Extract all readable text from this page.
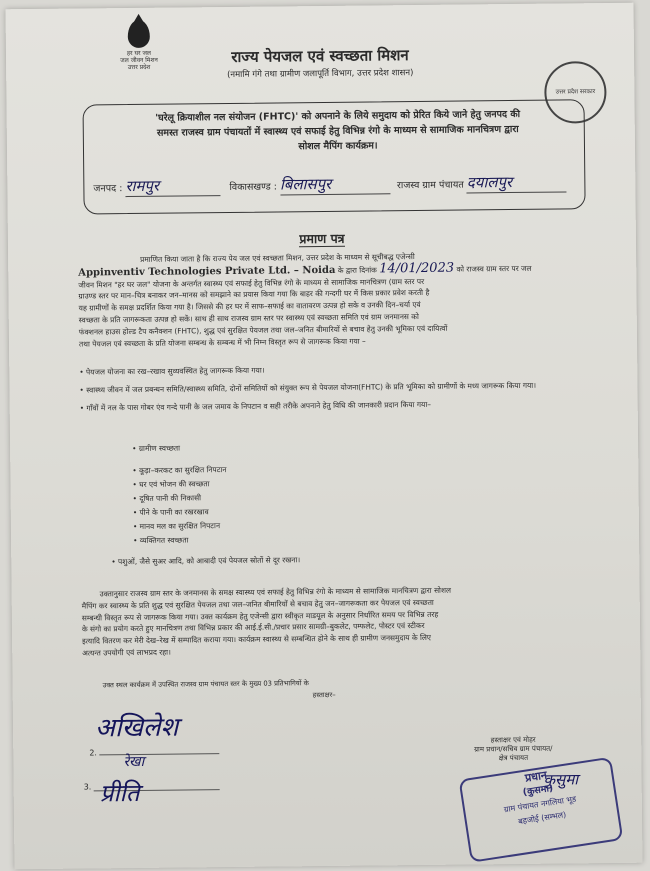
हर घर जल
जल जीवन मिशन
उत्तर प्रदेश
राज्य पेयजल एवं स्वच्छता मिशन
(नमामि गंगे तथा ग्रामीण जलापूर्ति विभाग, उत्तर प्रदेश शासन)
उत्तर प्रदेश सरकार
'घरेलू क्रियाशील नल संयोजन (FHTC)' को अपनाने के लिये समुदाय को प्रेरित किये जाने हेतु जनपद की
समस्त राजस्व ग्राम पंचायतों में स्वास्थ्य एवं सफाई हेतु विभिन्न रंगो के माध्यम से सामाजिक मानचित्रण द्वारा
सोशल मैपिंग कार्यक्रम।
जनपद : रामपुर	विकासखण्ड : बिलासपुर	राजस्व ग्राम पंचायत दयालपुर
प्रमाण पत्र
प्रमाणित किया जाता है कि राज्य पेय जल एवं स्वच्छता मिशन, उत्तर प्रदेश के माध्यम से सूचीबद्ध एजेन्सी
Appinventiv Technologies Private Ltd. – Noida के द्वारा दिनांक 14/01/2023 को राजस्व ग्राम स्तर पर जल
जीवन मिशन "हर घर जल" योजना के अन्तर्गत स्वास्थ्य एवं सफाई हेतु विभिन्न रंगो के माध्यम से सामाजिक मानचित्रण (ग्राम स्तर पर
ग्राउण्ड स्तर पर मान–चित्र बनाकर जन–मानस को समझाने का प्रयास किया गया कि बाहर की गन्दगी घर में किस प्रकार प्रवेश करती है
यह ग्रामीणों के समक्ष प्रदर्शित किया गया है। जिससे की हर घर में साफ–सफाई का वातावरण उत्पन्न हो सके व उनकी दिन–चर्या एवं
स्वच्छता के प्रति जागरूकता उत्पन्न हो सकें। साथ ही साथ राजस्व ग्राम स्तर पर स्वास्थ्य एवं स्वच्छता समिति एवं ग्राम जनमानस को
फंक्शनल हाउस होल्ड टैप कनैक्शन (FHTC), शुद्ध एवं सुरक्षित पेयजल तथा जल–जनित बीमारियों से बचाव हेतु उनकी भूमिका एवं दायित्वों
तथा पेयजल एवं स्वच्छता के प्रति योजना सम्बन्ध के सम्बन्ध में भी निम्न विस्तृत रूप से जागरूक किया गया –
• पेयजल योजना का रख–रखाव सुव्यवस्थित हेतु जागरूक किया गया।
• स्वास्थ्य जीवन में जल प्रबन्धन समिति/स्वास्थ्य समिति, दोनों समितियों को संयुक्त रूप से पेयजल योजना(FHTC) के प्रति भूमिका को ग्रामीणों के मध्य जागरूक किया गया।
• गाँवों में नल के पास गोबर एंव गन्दे पानी के जल जमाव के निपटान व सही तरीके अपनाने हेतु विधि की जानकारी प्रदान किया गया–
• ग्रामीण स्वच्छता
• कूड़ा–करकट का सुरक्षित निपटान
• घर एवं भोजन की स्वच्छता
• दूषित पानी की निकासी
• पीने के पानी का रखरखाव
• मानव मल का सुरक्षित निपटान
• व्यक्तिगत स्वच्छता
• पशुओं, जैसे सुअर आदि, को आबादी एवं पेयजल स्रोतों से दूर रखना।
उक्तानुसार राजस्व ग्राम स्तर के जनमानस के समक्ष स्वास्थ्य एवं सफाई हेतु विभिन्न रंगो के माध्यम से सामाजिक मानचित्रण द्वारा सोशल
मैपिंग कर स्वास्थ्य के प्रति शुद्ध एवं सुरक्षित पेयजल तथा जल–जनित बीमारियों से बचाव हेतु जन–जागरूकता कर पेयजल एवं स्वच्छता
सम्बन्धी विस्तृत रूप से जागरूक किया गया। उक्त कार्यक्रम हेतु एजेन्सी द्वारा स्वीकृत माडयूल के अनुसार निर्धारित समय पर विभिन्न तरह
के संगो का प्रयोग करते हुए मानचित्रण तथा विभिन्न प्रकार की आई.ई.सी./प्रचार प्रसार सामग्री–बुकलेट, पम्फलेट, पोस्टर एवं स्टीकर
इत्यादि वितरण कर मेरी देख–रेख में सम्पादित कराया गया। कार्यक्रम स्वास्थ्य से सम्बन्धित होने के साथ ही ग्रामीण जनसमुदाय के लिए
अत्यन्त उपयोगी एवं लाभप्रद रहा।
उक्त स्थल कार्यक्रम में उपस्थित राजस्व ग्राम पंचायत स्तर के मुख्य 03 प्रतिभागियों के
हस्ताक्षर–
अखिलेश
2.
रेखा
3. प्रीति
हस्ताक्षर एवं मोहर
ग्राम प्रधान/सचिव ग्राम पंचायत/
क्षेत्र पंचायत
कुसुमा
प्रधान
(कुसमा)
ग्राम पंचायत नगलिया भूड
बहजोई (सम्भल)
